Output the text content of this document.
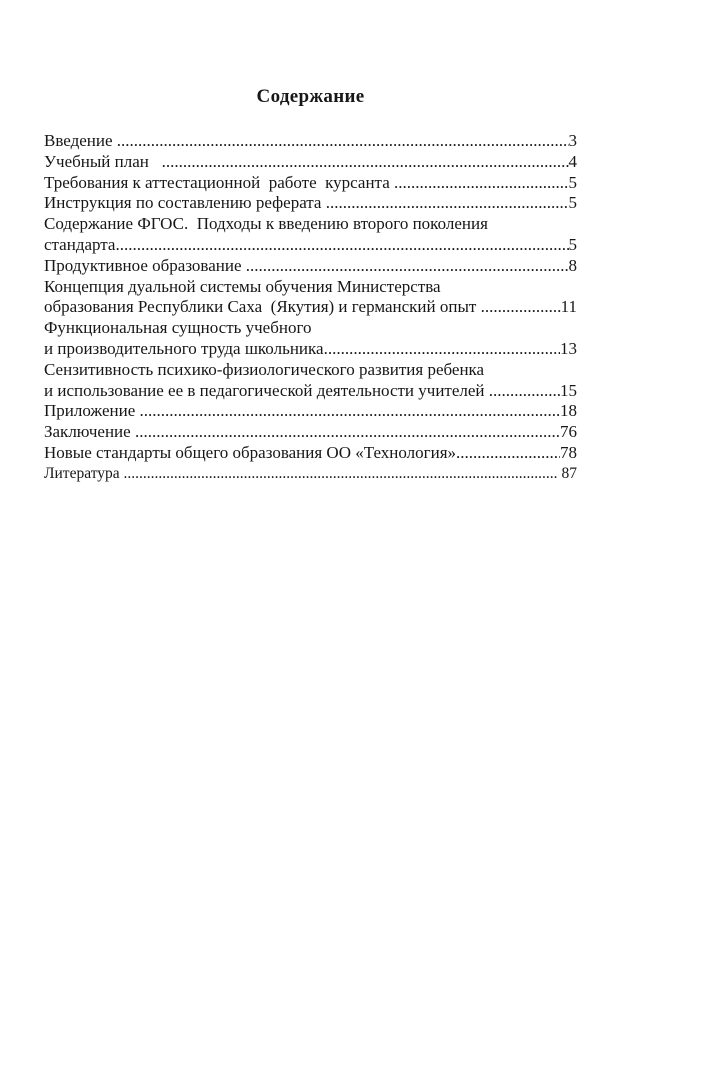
Содержание
Введение .....	3
Учебный план .....	4
Требования к аттестационной  работе  курсанта .....	5
Инструкция по составлению реферата .....	5
Содержание ФГОС.  Подходы к введению второго поколения
стандарта .....	5
Продуктивное образование .....	8
Концепция дуальной системы обучения Министерства
образования Республики Саха  (Якутия) и германский опыт .....	11
Функциональная сущность учебного
и производительного труда школьника .....	13
Сензитивность психико-физиологического развития ребенка
и использование ее в педагогической деятельности учителей .....	15
Приложение .....	18
Заключение .....	76
Новые стандарты общего образования ОО «Технология» .....	78
Литература .....	87
